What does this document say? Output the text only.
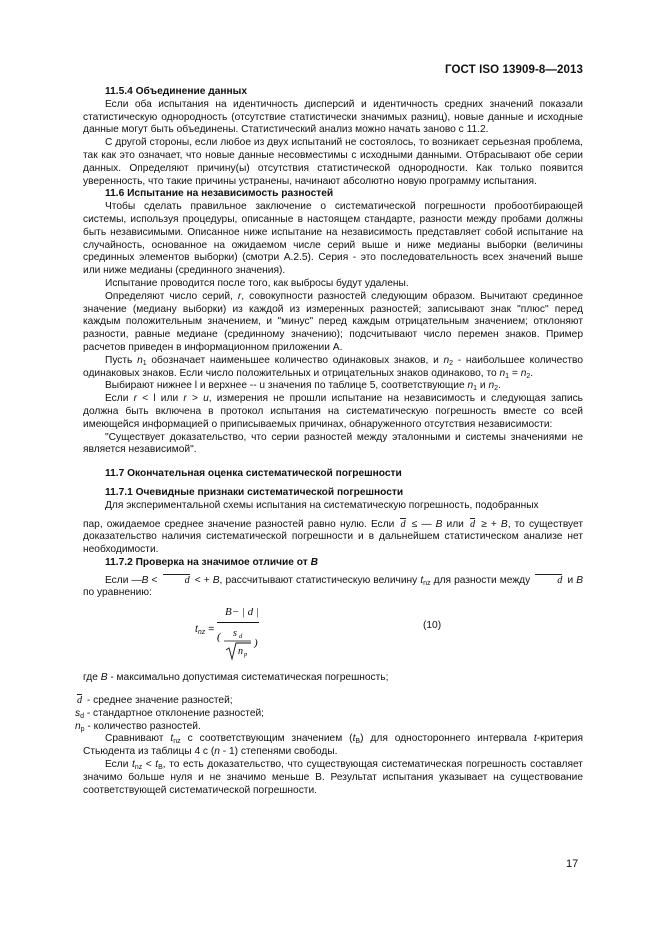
ГОСТ ISO 13909-8—2013

11.5.4 Объединение данных

Если оба испытания на идентичность дисперсий и идентичность средних значений показали статистическую однородность (отсутствие статистически значимых разниц), новые данные и исходные данные могут быть объединены. Статистический анализ можно начать заново с 11.2.

С другой стороны, если любое из двух испытаний не состоялось, то возникает серьезная проблема, так как это означает, что новые данные несовместимы с исходными данными. Отбрасывают обе серии данных. Определяют причину(ы) отсутствия статистической однородности. Как только появится уверенность, что такие причины устранены, начинают абсолютно новую программу испытания.

11.6 Испытание на независимость разностей

Чтобы сделать правильное заключение о систематической погрешности пробоотбирающей системы, используя процедуры, описанные в настоящем стандарте, разности между пробами должны быть независимыми. Описанное ниже испытание на независимость представляет собой испытание на случайность, основанное на ожидаемом числе серий выше и ниже медианы выборки (величины срединных элементов выборки) (смотри А.2.5). Серия - это последовательность всех значений выше или ниже медианы (срединного значения).

Испытание проводится после того, как выбросы будут удалены.

Определяют число серий, r, совокупности разностей следующим образом. Вычитают срединное значение (медиану выборки) из каждой из измеренных разностей; записывают знак "плюс" перед каждым положительным значением, и "минус" перед каждым отрицательным значением; отклоняют разности, равные медиане (срединному значению); подсчитывают число перемен знаков. Пример расчетов приведен в информационном приложении А.

Пусть $n_1$ обозначает наименьшее количество одинаковых знаков, и $n_2$ - наибольшее количество одинаковых знаков. Если число положительных и отрицательных знаков одинаково, то $n_1 = n_2$.

Выбирают нижнее l и верхнее -- u значения по таблице 5, соответствующие $n_1$ и $n_2$.

Если r < l или r > u, измерения не прошли испытание на независимость и следующая запись должна быть включена в протокол испытания на систематическую погрешность вместе со всей имеющейся информацией о приписываемых причинах, обнаруженного отсутствия независимости:

"Существует доказательство, что серии разностей между эталонными и системы значениями не является независимой".

11.7 Окончательная оценка систематической погрешности

11.7.1 Очевидные признаки систематической погрешности

Для экспериментальной схемы испытания на систематическую погрешность, подобранных

пар, ожидаемое среднее значение разностей равно нулю. Если d ≤ — B или d ≥ + B, то существует доказательство наличия систематической погрешности и в дальнейшем статистическом анализе нет необходимости.

11.7.2 Проверка на значимое отличие от B

Если —B < d < + B, рассчитывают статистическую величину $t_{nz}$ для разности между d и B по уравнению:

$t_{nz}$ =
B− | d |
( s d
n p
)
(10)

где B - максимально допустимая систематическая погрешность;

d - среднее значение разностей;

$s_d$ - стандартное отклонение разностей;

$n_p$ - количество разностей.

Сравнивают $t_{nz}$ с соответствующим значением $(t_B)$ для одностороннего интервала t-критерия Стьюдента из таблицы 4 с (n - 1) степенями свободы.

Если $t_{nz} < t_B$, то есть доказательство, что существующая систематическая погрешность составляет значимо больше нуля и не значимо меньше В. Результат испытания указывает на существование соответствующей систематической погрешности.

17
